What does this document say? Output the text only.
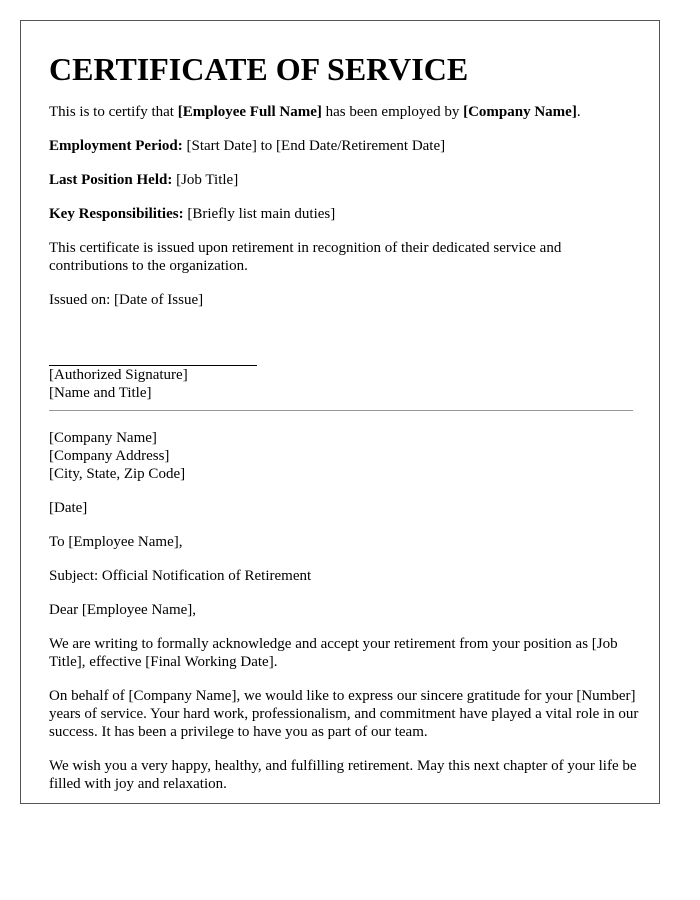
CERTIFICATE OF SERVICE

This is to certify that [Employee Full Name] has been employed by [Company Name].

Employment Period: [Start Date] to [End Date/Retirement Date]

Last Position Held: [Job Title]

Key Responsibilities: [Briefly list main duties]

This certificate is issued upon retirement in recognition of their dedicated service and contributions to the organization.

Issued on: [Date of Issue]

[Authorized Signature]
[Name and Title]
[Company Name]
[Company Address]

[City, State, Zip Code]

[Date]

To [Employee Name],

Subject: Official Notification of Retirement

Dear [Employee Name],

We are writing to formally acknowledge and accept your retirement from your position as [Job Title], effective [Final Working Date].

On behalf of [Company Name], we would like to express our sincere gratitude for your [Number] years of service. Your hard work, professionalism, and commitment have played a vital role in our success. It has been a privilege to have you as part of our team.

We wish you a very happy, healthy, and fulfilling retirement. May this next chapter of your life be filled with joy and relaxation.
